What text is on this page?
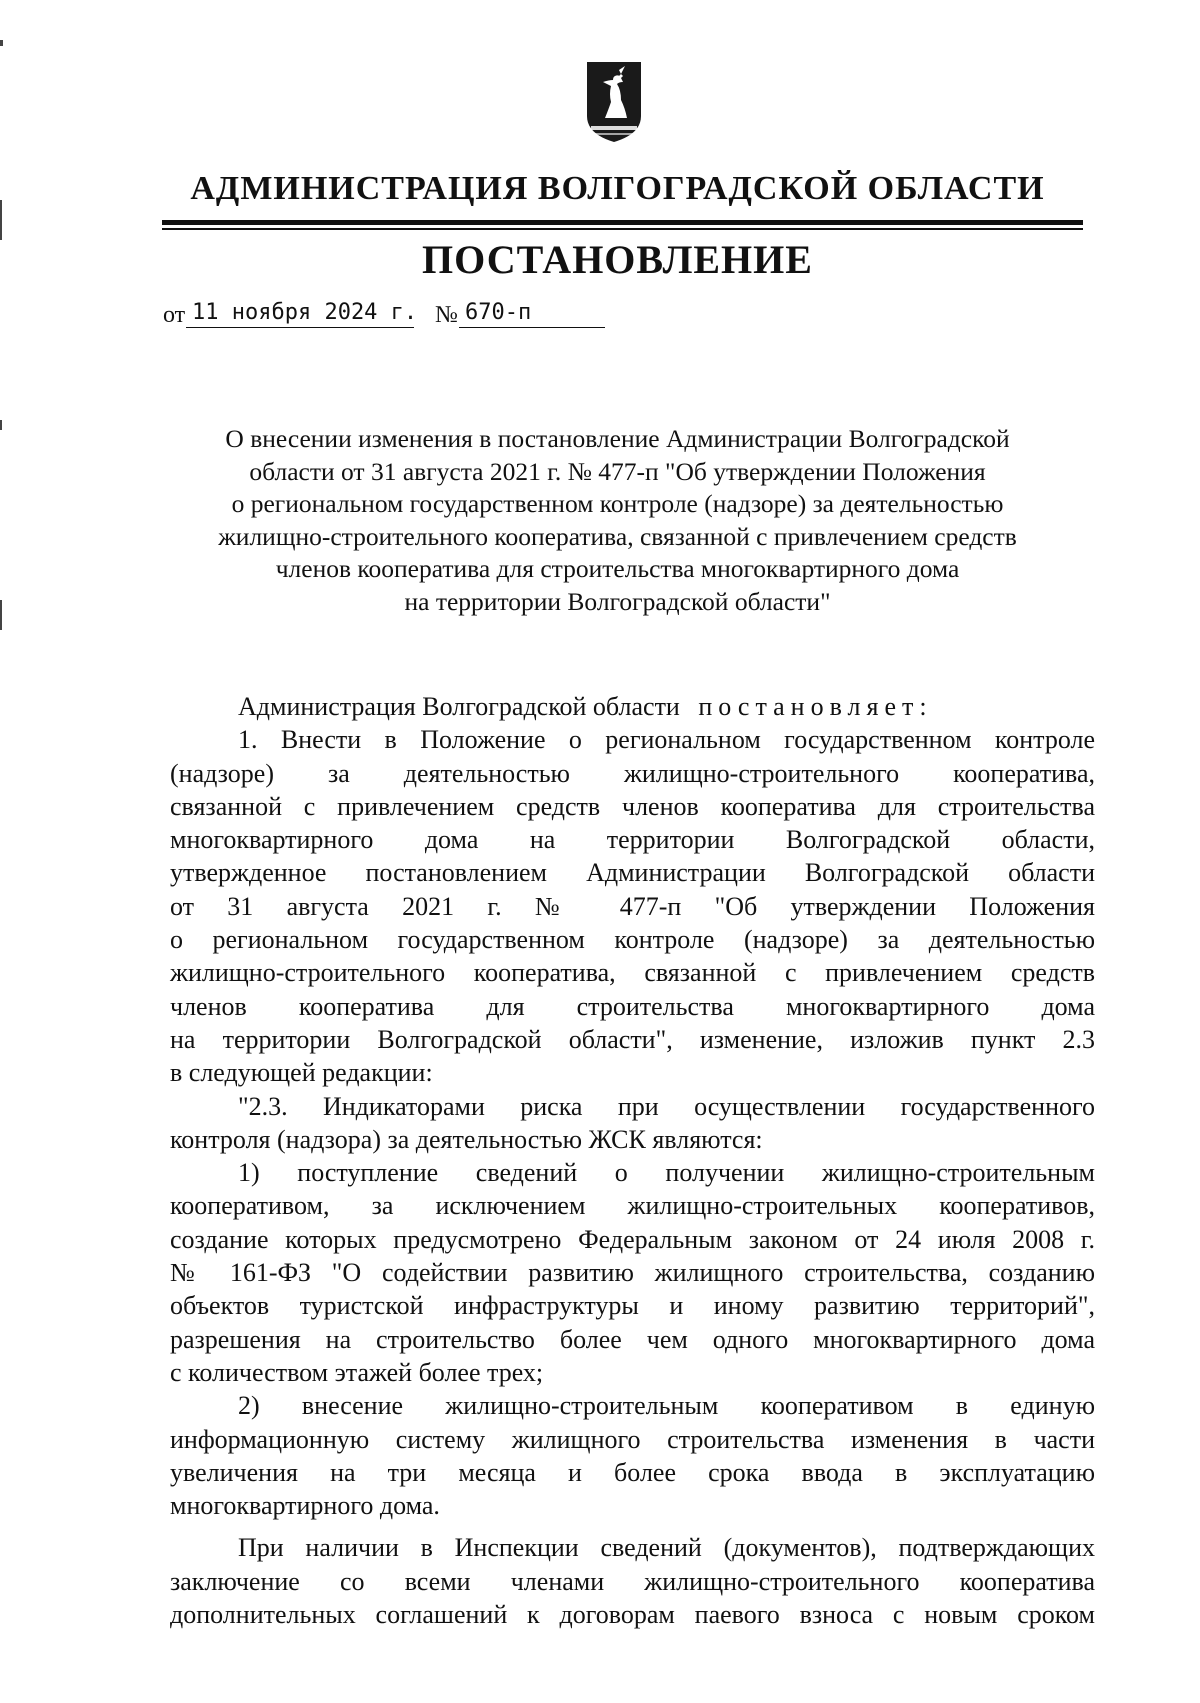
АДМИНИСТРАЦИЯ ВОЛГОГРАДСКОЙ ОБЛАСТИ
ПОСТАНОВЛЕНИЕ
от 11 ноября 2024 г. № 670-п
О внесении изменения в постановление Администрации Волгоградской
области от 31 августа 2021 г. № 477-п "Об утверждении Положения
о региональном государственном контроле (надзоре) за деятельностью
жилищно-строительного кооператива, связанной с привлечением средств
членов кооператива для строительства многоквартирного дома
на территории Волгоградской области"
Администрация Волгоградской области постановляет:
1. Внести в Положение о региональном государственном контроле
(надзоре) за деятельностью жилищно-строительного кооператива,
связанной с привлечением средств членов кооператива для строительства
многоквартирного дома на территории Волгоградской области,
утвержденное постановлением Администрации Волгоградской области
от 31 августа 2021 г. № 477-п "Об утверждении Положения
о региональном государственном контроле (надзоре) за деятельностью
жилищно-строительного кооператива, связанной с привлечением средств
членов кооператива для строительства многоквартирного дома
на территории Волгоградской области", изменение, изложив пункт 2.3
в следующей редакции:
"2.3. Индикаторами риска при осуществлении государственного
контроля (надзора) за деятельностью ЖСК являются:
1) поступление сведений о получении жилищно-строительным
кооперативом, за исключением жилищно-строительных кооперативов,
создание которых предусмотрено Федеральным законом от 24 июля 2008 г.
№ 161-ФЗ "О содействии развитию жилищного строительства, созданию
объектов туристской инфраструктуры и иному развитию территорий",
разрешения на строительство более чем одного многоквартирного дома
с количеством этажей более трех;
2) внесение жилищно-строительным кооперативом в единую
информационную систему жилищного строительства изменения в части
увеличения на три месяца и более срока ввода в эксплуатацию
многоквартирного дома.
При наличии в Инспекции сведений (документов), подтверждающих
заключение со всеми членами жилищно-строительного кооператива
дополнительных соглашений к договорам паевого взноса с новым сроком
